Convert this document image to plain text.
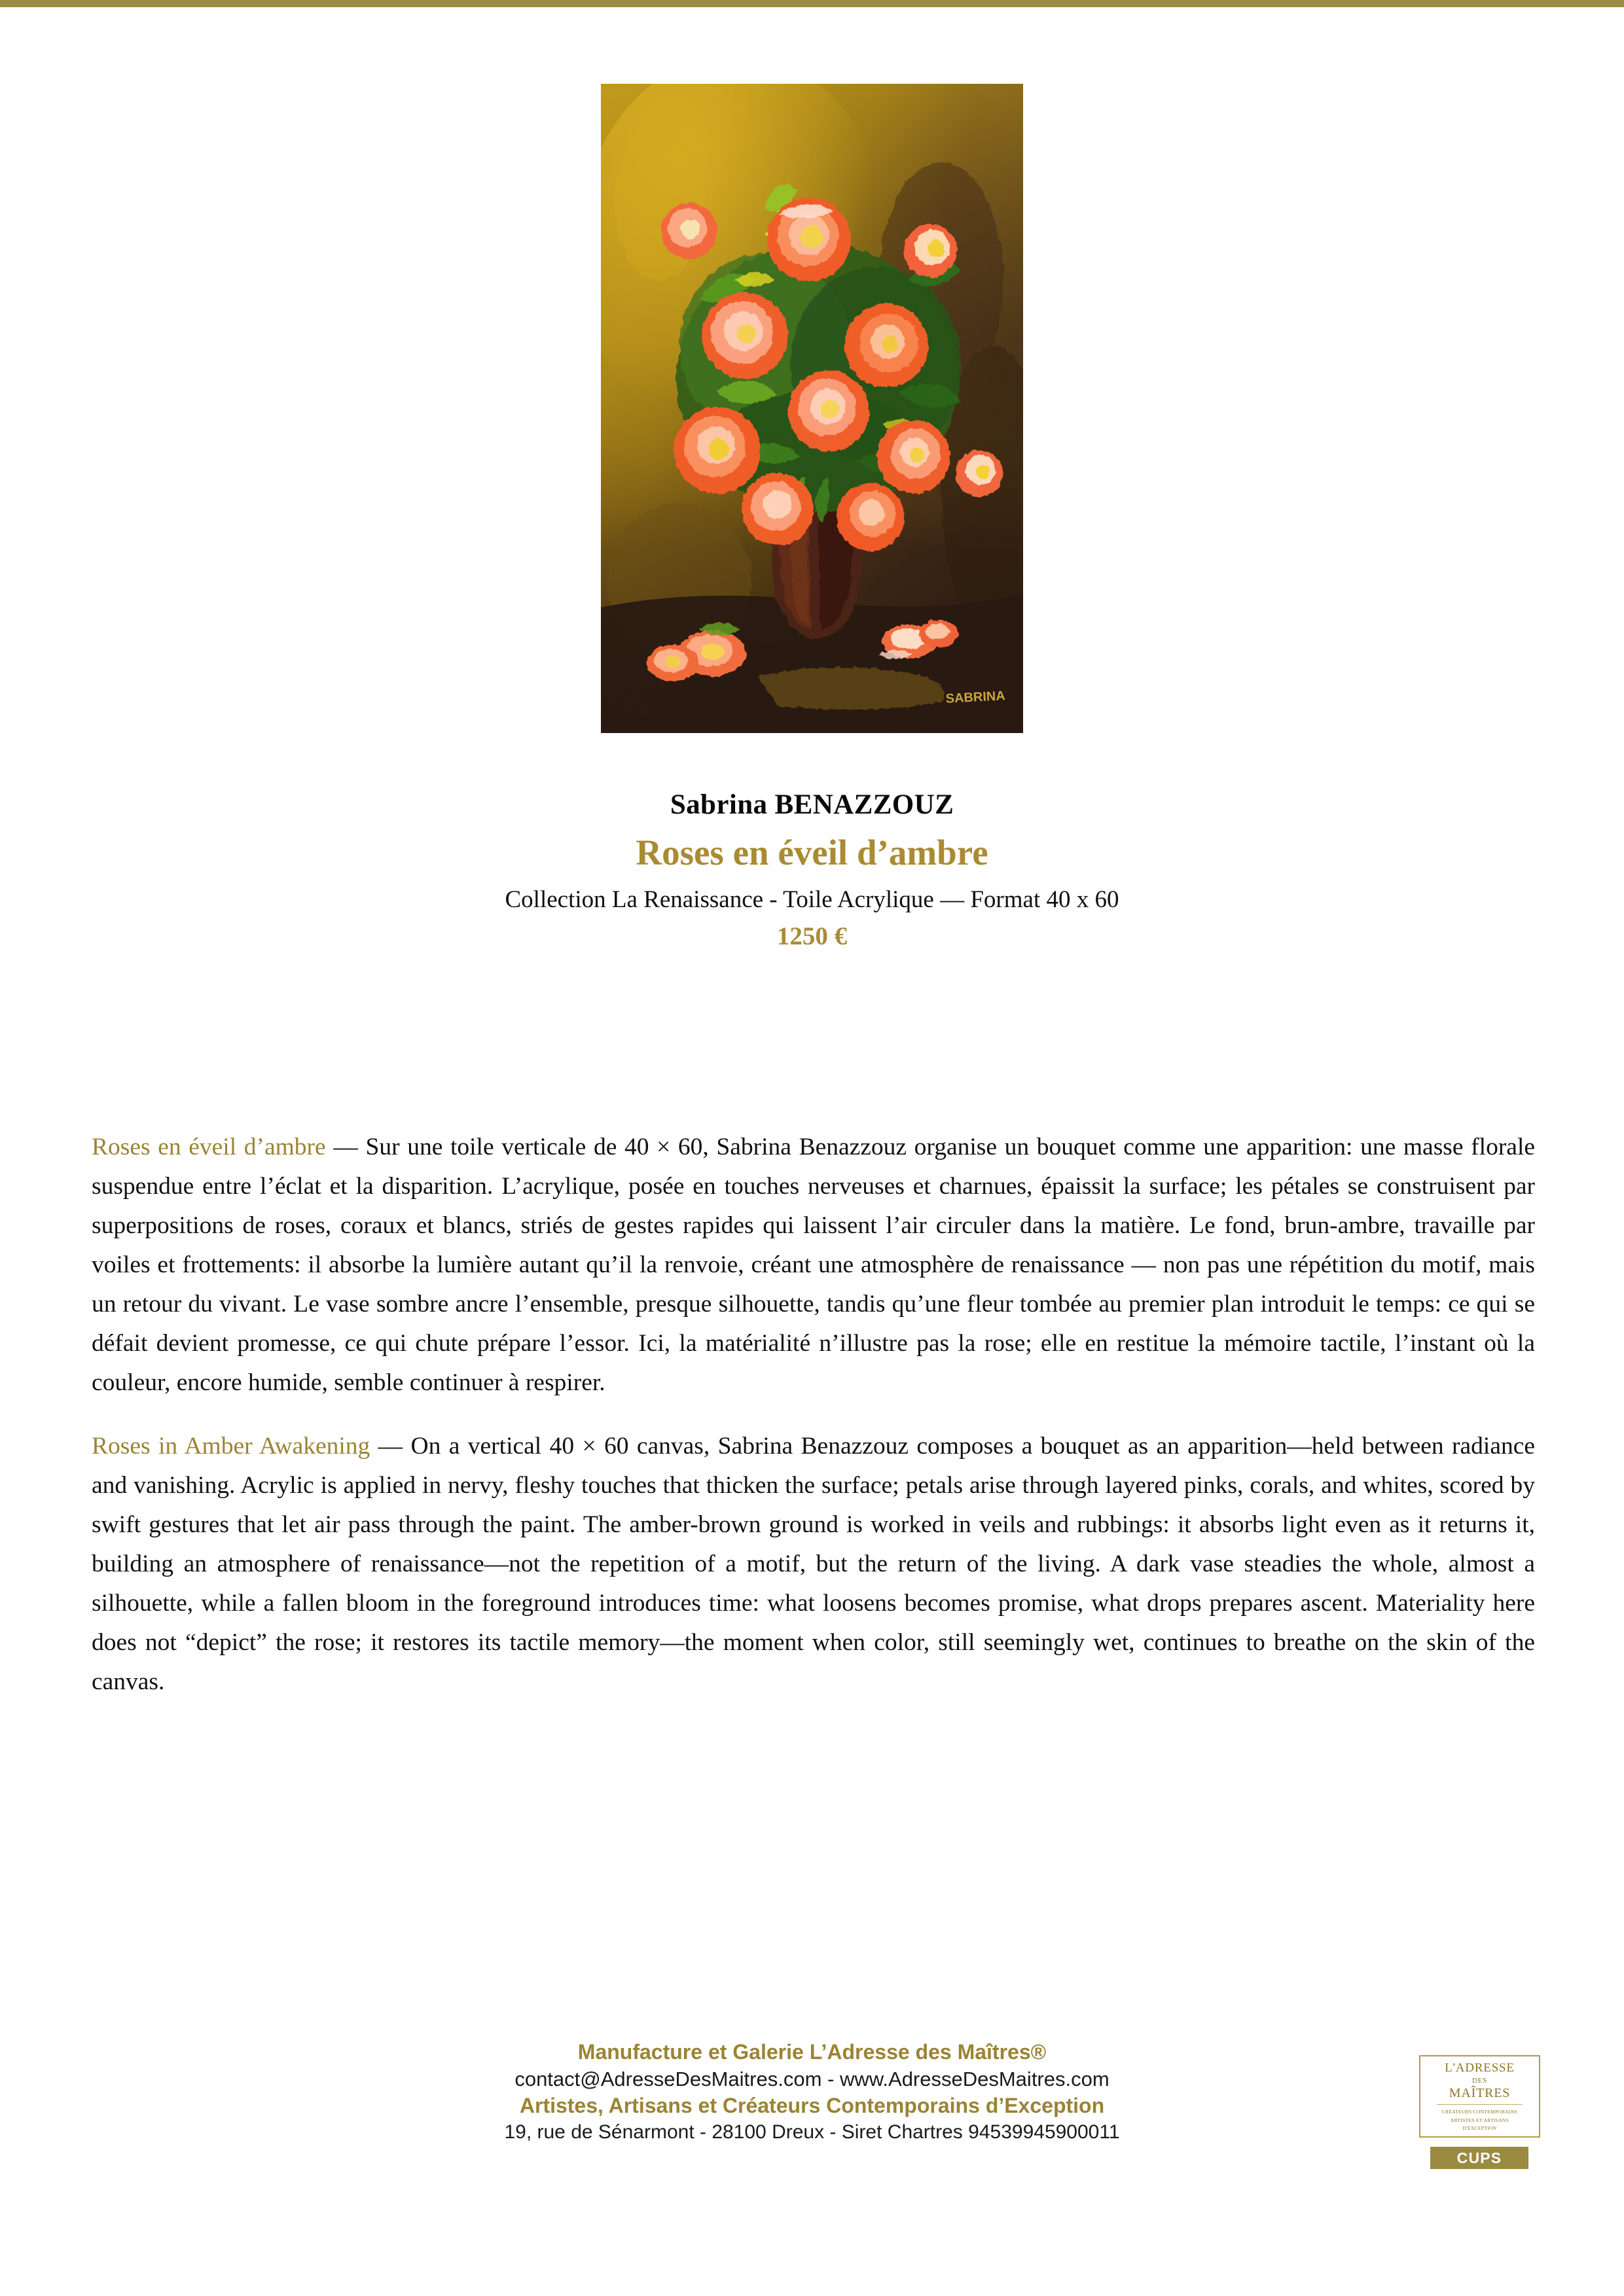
SABRINA

Sabrina BENAZZOUZ

Roses en éveil d’ambre

Collection La Renaissance - Toile Acrylique — Format 40 x 60

1250 €

Roses en éveil d’ambre — Sur une toile verticale de 40 × 60, Sabrina Benazzouz organise un bouquet comme une apparition: une masse florale suspendue entre l’éclat et la disparition. L’acrylique, posée en touches nerveuses et charnues, épaissit la surface; les pétales se construisent par superpositions de roses, coraux et blancs, striés de gestes rapides qui laissent l’air circuler dans la matière. Le fond, brun-ambre, travaille par voiles et frottements: il absorbe la lumière autant qu’il la renvoie, créant une atmosphère de renaissance — non pas une répétition du motif, mais un retour du vivant. Le vase sombre ancre l’ensemble, presque silhouette, tandis qu’une fleur tombée au premier plan introduit le temps: ce qui se défait devient promesse, ce qui chute prépare l’essor. Ici, la matérialité n’illustre pas la rose; elle en restitue la mémoire tactile, l’instant où la couleur, encore humide, semble continuer à respirer.

Roses in Amber Awakening — On a vertical 40 × 60 canvas, Sabrina Benazzouz composes a bouquet as an apparition—held between radiance and vanishing. Acrylic is applied in nervy, fleshy touches that thicken the surface; petals arise through layered pinks, corals, and whites, scored by swift gestures that let air pass through the paint. The amber-brown ground is worked in veils and rubbings: it absorbs light even as it returns it, building an atmosphere of renaissance—not the repetition of a motif, but the return of the living. A dark vase steadies the whole, almost a silhouette, while a fallen bloom in the foreground introduces time: what loosens becomes promise, what drops prepares ascent. Materiality here does not “depict” the rose; it restores its tactile memory—the moment when color, still seemingly wet, continues to breathe on the skin of the canvas.

Manufacture et Galerie L’Adresse des Maîtres®

contact@AdresseDesMaitres.com - www.AdresseDesMaitres.com

Artistes, Artisans et Créateurs Contemporains d’Exception

19, rue de Sénarmont - 28100 Dreux - Siret Chartres 94539945900011

L'ADRESSE
DES
MAÎTRES
CRÉATEURS CONTEMPORAINS
ARTISTES ET ARTISANS
D'EXCEPTION
CUPS
